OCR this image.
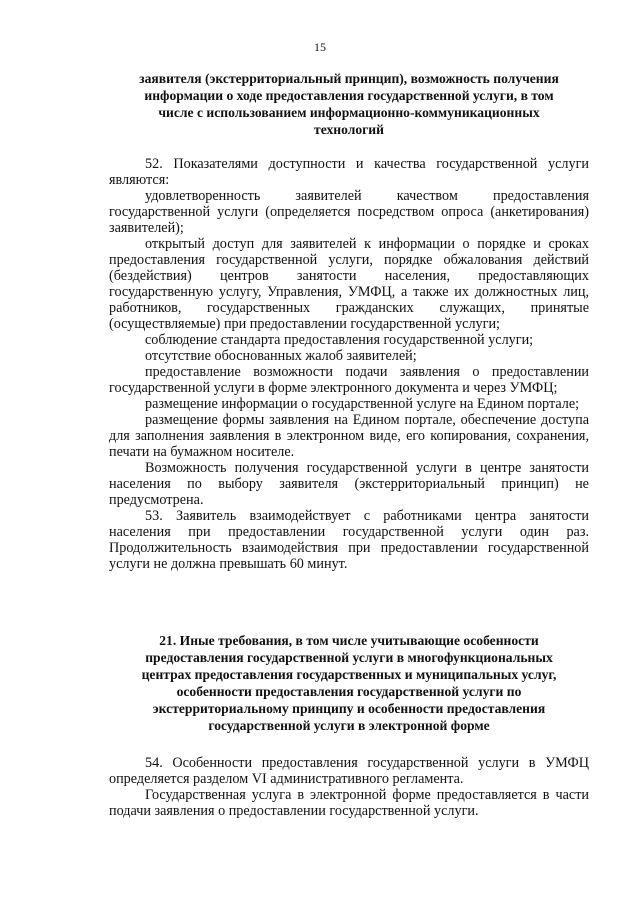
15
заявителя (экстерриториальный принцип), возможность получения
информации о ходе предоставления государственной услуги, в том
числе с использованием информационно-коммуникационных
технологий

52. Показателями доступности и качества государственной услуги являются:

удовлетворенность заявителей качеством предоставления государственной услуги (определяется посредством опроса (анкетирования) заявителей);

открытый доступ для заявителей к информации о порядке и сроках предоставления государственной услуги, порядке обжалования действий (бездействия) центров занятости населения, предоставляющих государственную услугу, Управления, УМФЦ, а также их должностных лиц, работников, государственных гражданских служащих, принятые (осуществляемые) при предоставлении государственной услуги;

соблюдение стандарта предоставления государственной услуги;

отсутствие обоснованных жалоб заявителей;

предоставление возможности подачи заявления о предоставлении государственной услуги в форме электронного документа и через УМФЦ;

размещение информации о государственной услуге на Едином портале;

размещение формы заявления на Едином портале, обеспечение доступа для заполнения заявления в электронном виде, его копирования, сохранения, печати на бумажном носителе.

Возможность получения государственной услуги в центре занятости населения по выбору заявителя (экстерриториальный принцип) не предусмотрена.

53. Заявитель взаимодействует с работниками центра занятости населения при предоставлении государственной услуги один раз. Продолжительность взаимодействия при предоставлении государственной услуги не должна превышать 60 минут.

21. Иные требования, в том числе учитывающие особенности
предоставления государственной услуги в многофункциональных
центрах предоставления государственных и муниципальных услуг,
особенности предоставления государственной услуги по
экстерриториальному принципу и особенности предоставления
государственной услуги в электронной форме

54. Особенности предоставления государственной услуги в УМФЦ определяется разделом VI административного регламента.

Государственная услуга в электронной форме предоставляется в части подачи заявления о предоставлении государственной услуги.
